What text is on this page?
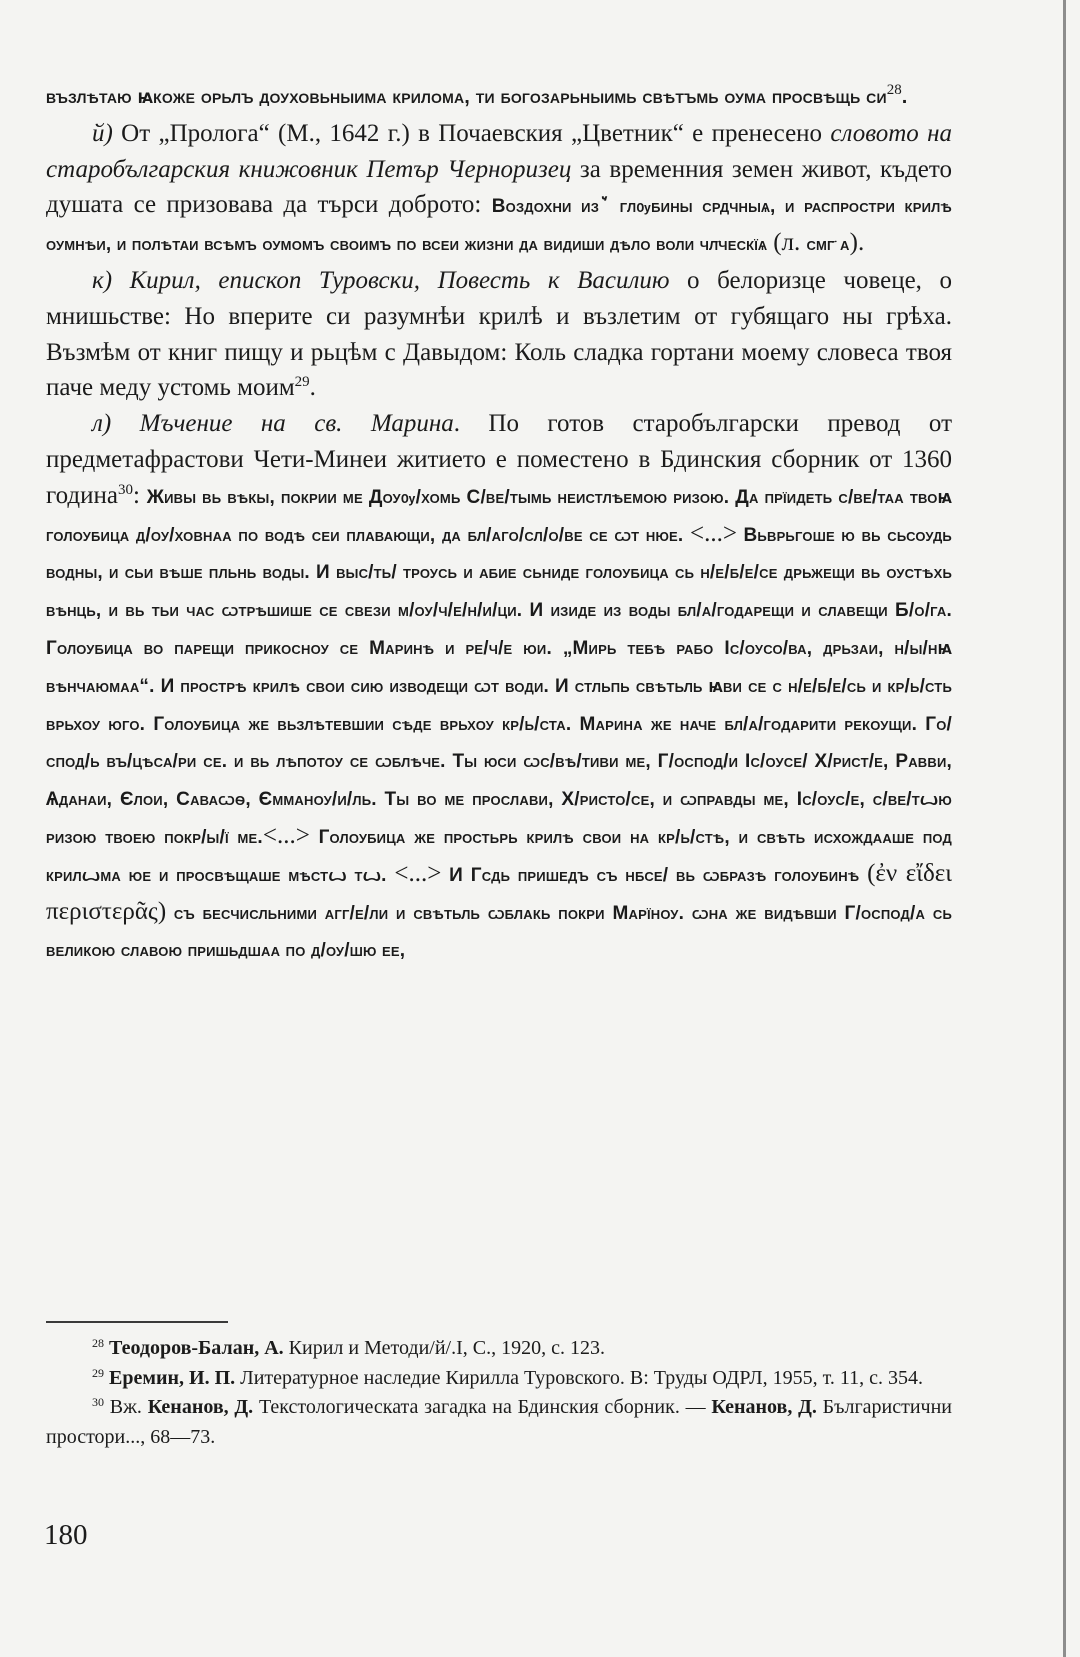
възлѣтаю ꙗкоже орьлъ доуховьныима крилома, ти богозарьныимь свѣтъмь оума просвѣщь $си^{28}$.

й) От „Пролога“ (М., 1642 г.) в Почаевския „Цветник“ е пренесено словото на старобългарския книжовник Петър Черноризец за временния земен живот, където душата се призовава да търси доброто: Воздохни изꙿ глѹбины срдчныѧ, и распростри крилѣ оумнѣи, и полѣтаи всѣмъ оумомъ своимъ по всеи жизни да видиши дѣло воли чл҃ческїѧ (л. смг҃ а).

к) Кирил, епископ Туровски, Повесть к Василию о белоризце човеце, о мнишьстве: Но вперите си разумнѣи крилѣ и възлетим от губящаго ны грѣха. Възмѣм от книг пищу и рьцѣм с Давыдом: Коль сладка гортани моему словеса твоя паче меду устомь моим$^{29}$.

л) Мъчение на св. Марина. По готов старобългарски превод от предметафрастови Чети-Минеи житието е поместено в Бдинския сборник от 1360 година$^{30}$: Живы вь вѣкы, покрии ме Доуѹ/хомь С/ве/тымь неистлѣемою ризою. Да прїидеть с/ве/таа твоꙗ голоубица д/оу/ховнаа по водѣ сеи плавающи, да бл/аго/сл/о/ве се ѡт нюе. <...> Вьврьгоше ю вь сьсоудь водны, и сьи вѣше пльнь воды. И выс/ть/ троусь и абие сьниде голоубица сь н/е/б/е/се дрьжещи вь оустѣхь вѣнць, и вь тьи час ѡтрѣшише се свези м/оу/ч/е/н/и/ци. И изиде из воды бл/а/годарещи и славещи Б/о/га. Голоубица во парещи прикосноу се Маринѣ и ре/ч/е юи. „Мирь тебѣ рабо Іс/оусо/ва, дрьзаи, н/ы/нꙗ вѣнчаюмаа“. И прострѣ крилѣ свои сию изводещи ѡт води. И стльпь свѣтьль ꙗви се с н/е/б/е/сь и кр/ь/сть врьхоу юго. Голоубица же вьзлѣтевшии сѣде врьхоу кр/ь/ста. Марина же наче бл/а/годарити рекоущи. Го/спод/ь въ/цѣса/ри се. и вь лѣпотоу се ѡблѣче. Ты юси ѡс/вѣ/тиви ме, Г/оспод/и Іс/оусе/ Х/рист/е, Равви, Ѧданаи, Єлои, Саваѡѳ, Ємманоу/и/ль. Ты во ме прослави, Х/ристо/се, и ѡправды ме, Іс/оус/е, с/ве/тꙍю ризою твоею покр/ы/ї ме.<...> Голоубица же простьрь крилѣ свои на кр/ь/стѣ, и свѣть исхождааше под крилꙍма юе и просвѣщаше мѣстꙍ тꙍ. <...> И Гсдь пришедъ съ нбсе/ вь ѡбразѣ голоубинѣ (ἐν εἴδει περιστερᾶς) съ бесчисльними агг/е/ли и свѣтьль ѡблакь покри Марїноу. ѡна же видѣвши Г/оспод/а сь великою славою пришьдшаа по д/оу/шю ее,

$^{28}$ Теодоров-Балан, А. Кирил и Методи/й/.I, С., 1920, с. 123.

$^{29}$ Еремин, И. П. Литературное наследие Кирилла Туровского. В: Труды ОДРЛ, 1955, т. 11, с. 354.

$^{30}$ Вж. Кенанов, Д. Текстологическата загадка на Бдинския сборник. — Кенанов, Д. Българистични простори..., 68—73.

180
